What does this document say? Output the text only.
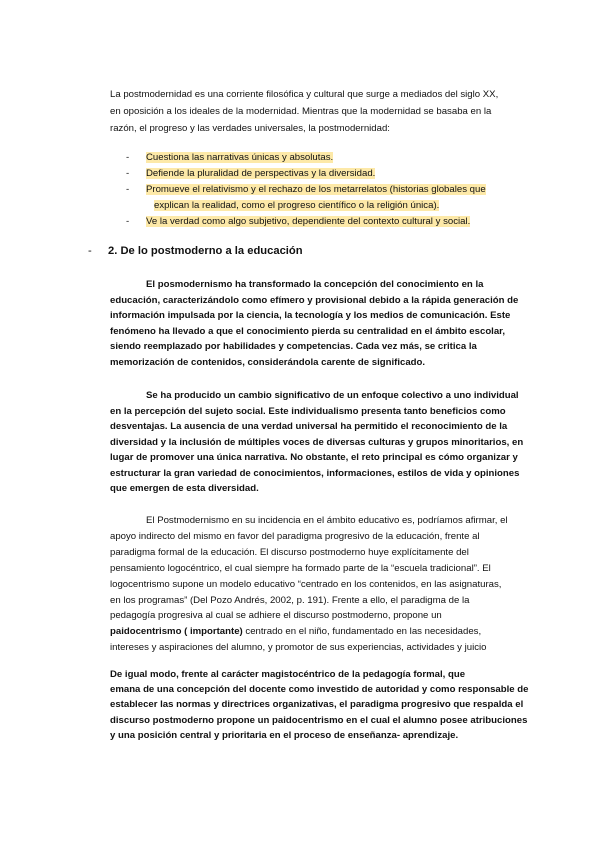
La postmodernidad es una corriente filosófica y cultural que surge a mediados del siglo XX,
en oposición a los ideales de la modernidad. Mientras que la modernidad se basaba en la
razón, el progreso y las verdades universales, la postmodernidad:

- Cuestiona las narrativas únicas y absolutas.
- Defiende la pluralidad de perspectivas y la diversidad.
- Promueve el relativismo y el rechazo de los metarrelatos (historias globales que
explican la realidad, como el progreso científico o la religión única).
- Ve la verdad como algo subjetivo, dependiente del contexto cultural y social.
- 2. De lo postmoderno a la educación

El posmodernismo ha transformado la concepción del conocimiento en la
educación, caracterizándolo como efímero y provisional debido a la rápida generación de
información impulsada por la ciencia, la tecnología y los medios de comunicación. Este
fenómeno ha llevado a que el conocimiento pierda su centralidad en el ámbito escolar,
siendo reemplazado por habilidades y competencias. Cada vez más, se critica la
memorización de contenidos, considerándola carente de significado.

Se ha producido un cambio significativo de un enfoque colectivo a uno individual
en la percepción del sujeto social. Este individualismo presenta tanto beneficios como
desventajas. La ausencia de una verdad universal ha permitido el reconocimiento de la
diversidad y la inclusión de múltiples voces de diversas culturas y grupos minoritarios, en
lugar de promover una única narrativa. No obstante, el reto principal es cómo organizar y
estructurar la gran variedad de conocimientos, informaciones, estilos de vida y opiniones
que emergen de esta diversidad.

El Postmodernismo en su incidencia en el ámbito educativo es, podríamos afirmar, el
apoyo indirecto del mismo en favor del paradigma progresivo de la educación, frente al
paradigma formal de la educación. El discurso postmoderno huye explícitamente del
pensamiento logocéntrico, el cual siempre ha formado parte de la “escuela tradicional”. El
logocentrismo supone un modelo educativo “centrado en los contenidos, en las asignaturas,
en los programas” (Del Pozo Andrés, 2002, p. 191). Frente a ello, el paradigma de la
pedagogía progresiva al cual se adhiere el discurso postmoderno, propone un
paidocentrismo ( importante) centrado en el niño, fundamentado en las necesidades,
intereses y aspiraciones del alumno, y promotor de sus experiencias, actividades y juicio

De igual modo, frente al carácter magistocéntrico de la pedagogía formal, que
emana de una concepción del docente como investido de autoridad y como responsable de
establecer las normas y directrices organizativas, el paradigma progresivo que respalda el
discurso postmoderno propone un paidocentrismo en el cual el alumno posee atribuciones
y una posición central y prioritaria en el proceso de enseñanza- aprendizaje.
